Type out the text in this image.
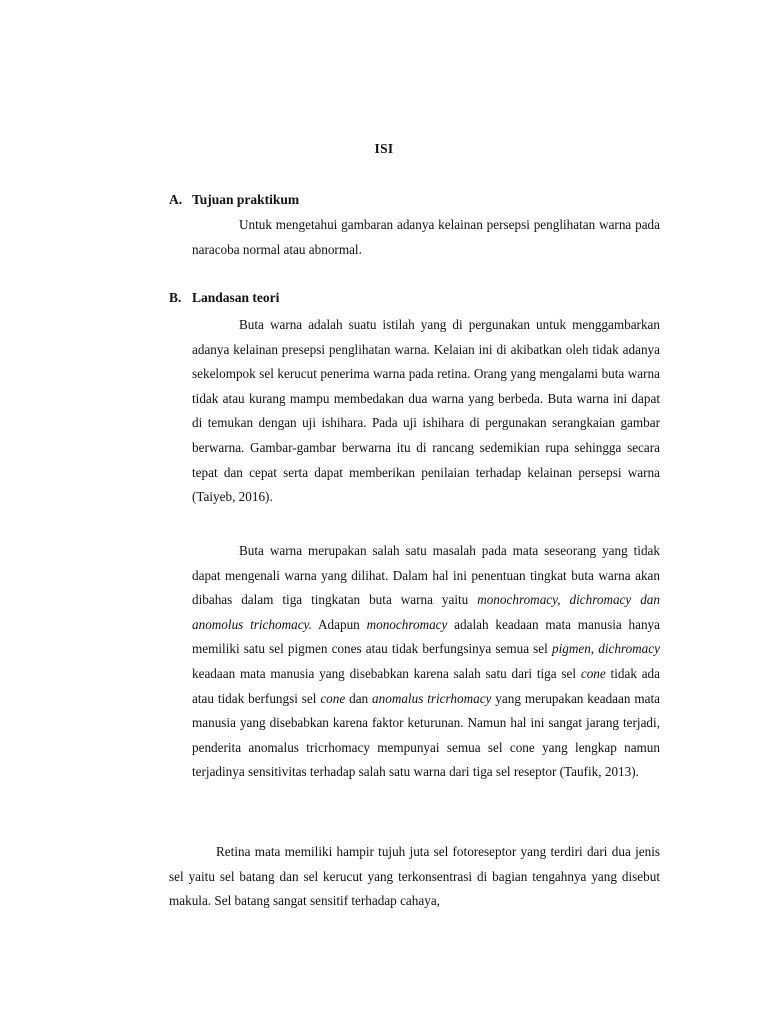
ISI
A. Tujuan praktikum

Untuk mengetahui gambaran adanya kelainan persepsi penglihatan warna pada naracoba normal atau abnormal.

B. Landasan teori

Buta warna adalah suatu istilah yang di pergunakan untuk menggambarkan adanya kelainan presepsi penglihatan warna. Kelaian ini di akibatkan oleh tidak adanya sekelompok sel kerucut penerima warna pada retina. Orang yang mengalami buta warna tidak atau kurang mampu membedakan dua warna yang berbeda. Buta warna ini dapat di temukan dengan uji ishihara. Pada uji ishihara di pergunakan serangkaian gambar berwarna. Gambar-gambar berwarna itu di rancang sedemikian rupa sehingga secara tepat dan cepat serta dapat memberikan penilaian terhadap kelainan persepsi warna (Taiyeb, 2016).

Buta warna merupakan salah satu masalah pada mata seseorang yang tidak dapat mengenali warna yang dilihat. Dalam hal ini penentuan tingkat buta warna akan dibahas dalam tiga tingkatan buta warna yaitu monochromacy, dichromacy dan anomolus trichomacy. Adapun monochromacy adalah keadaan mata manusia hanya memiliki satu sel pigmen cones atau tidak berfungsinya semua sel pigmen, dichromacy keadaan mata manusia yang disebabkan karena salah satu dari tiga sel cone tidak ada atau tidak berfungsi sel cone dan anomalus tricrhomacy yang merupakan keadaan mata manusia yang disebabkan karena faktor keturunan. Namun hal ini sangat jarang terjadi, penderita anomalus tricrhomacy mempunyai semua sel cone yang lengkap namun terjadinya sensitivitas terhadap salah satu warna dari tiga sel reseptor (Taufik, 2013).

Retina mata memiliki hampir tujuh juta sel fotoreseptor yang terdiri dari dua jenis sel yaitu sel batang dan sel kerucut yang terkonsentrasi di bagian tengahnya yang disebut makula. Sel batang sangat sensitif terhadap cahaya,
